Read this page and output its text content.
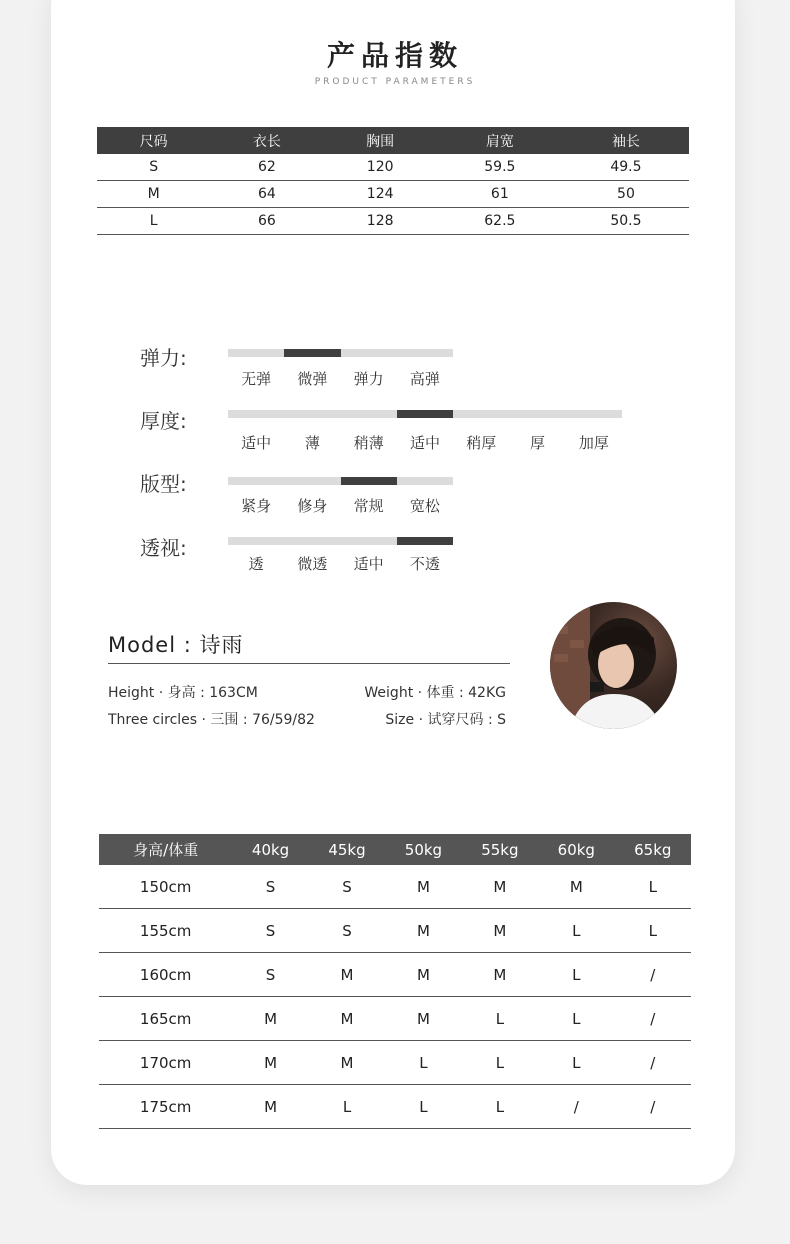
产品指数
PRODUCT PARAMETERS
尺码	衣长	胸围	肩宽	袖长
S	62	120	59.5	49.5
M	64	124	61	50
L	66	128	62.5	50.5
弹力:
无弹	微弹	弹力	高弹
厚度:
适中	薄	稍薄	适中	稍厚	厚	加厚
版型:
紧身	修身	常规	宽松
透视:
透	微透	适中	不透
Model : 诗雨
Height · 身高 : 163CM
Three circles · 三围 : 76/59/82
Weight · 体重 : 42KG
Size · 试穿尺码 : S
身高/体重	40kg	45kg	50kg	55kg	60kg	65kg
150cm	S	S	M	M	M	L
155cm	S	S	M	M	L	L
160cm	S	M	M	M	L	/
165cm	M	M	M	L	L	/
170cm	M	M	L	L	L	/
175cm	M	L	L	L	/	/
